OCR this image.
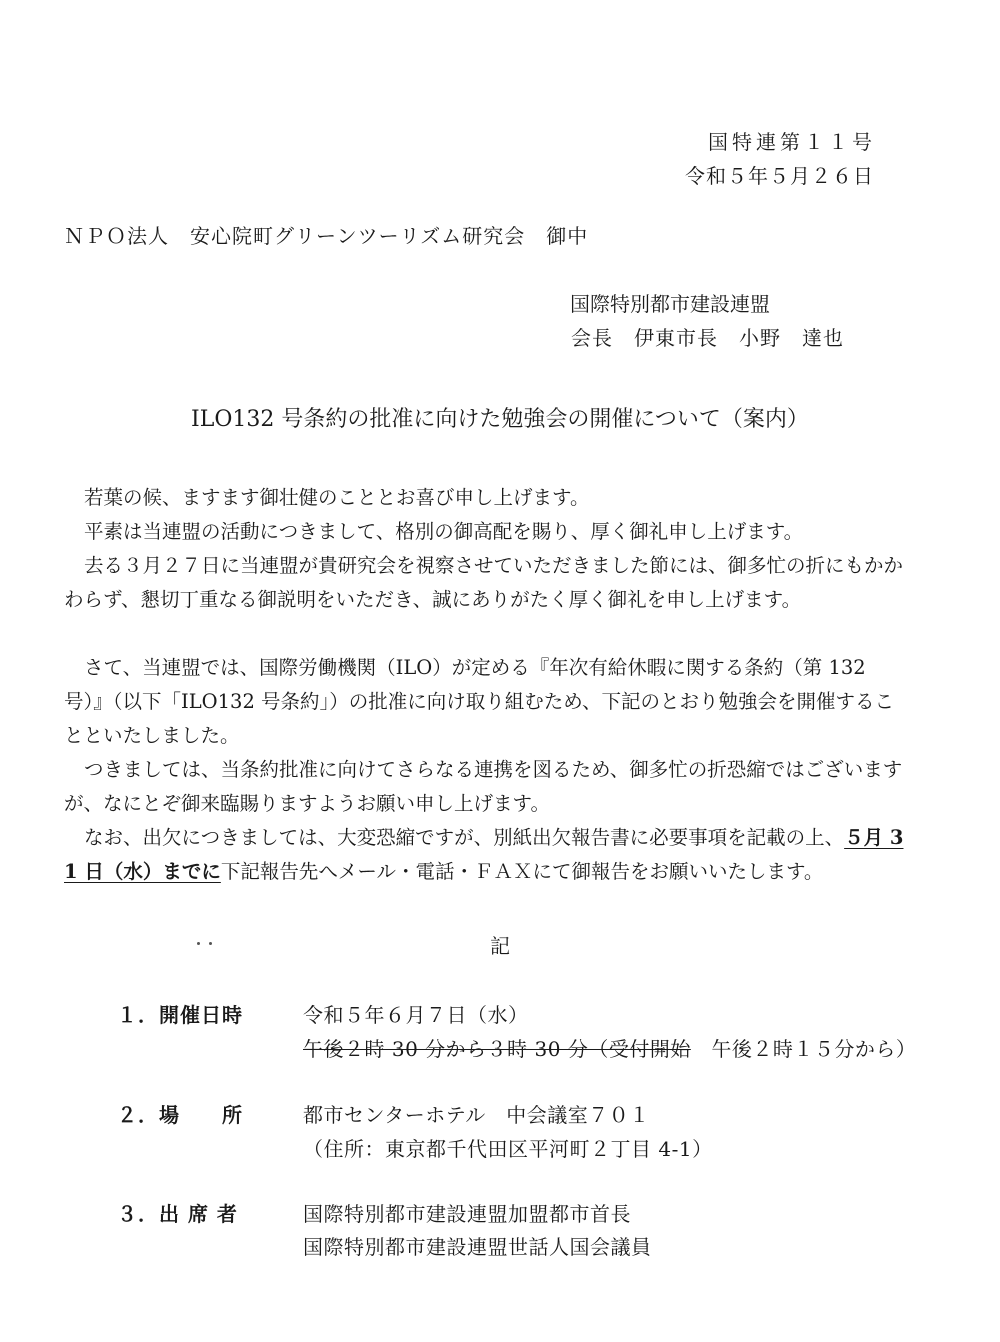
国特連第１１号
令和５年５月２６日
ＮＰＯ法人　安心院町グリーンツーリズム研究会　御中
国際特別都市建設連盟
会長　伊東市長　小野　達也
ILO132 号条約の批准に向けた勉強会の開催について（案内）
若葉の候、ますます御壮健のこととお喜び申し上げます。
平素は当連盟の活動につきまして、格別の御高配を賜り、厚く御礼申し上げます。
去る３月２７日に当連盟が貴研究会を視察させていただきました節には、御多忙の折にもかかわらず、懇切丁重なる御説明をいただき、誠にありがたく厚く御礼を申し上げます。
さて、当連盟では、国際労働機関（ILO）が定める『年次有給休暇に関する条約（第 132 号）』（以下「ILO132 号条約」）の批准に向け取り組むため、下記のとおり勉強会を開催することといたしました。
つきましては、当条約批准に向けてさらなる連携を図るため、御多忙の折恐縮ではございますが、なにとぞ御来臨賜りますようお願い申し上げます。
なお、出欠につきましては、大変恐縮ですが、別紙出欠報告書に必要事項を記載の上、５月 31 日（水）までに下記報告先へメール・電話・ＦＡＸにて御報告をお願いいたします。
記
１．開催日時	令和５年６月７日（水）
午後２時 30 分から３時 30 分（受付開始　午後２時１５分から）
２．場　　所	都市センターホテル　中会議室７０１
（住所：東京都千代田区平河町２丁目 4-1）
３．出 席 者	国際特別都市建設連盟加盟都市首長
国際特別都市建設連盟世話人国会議員
